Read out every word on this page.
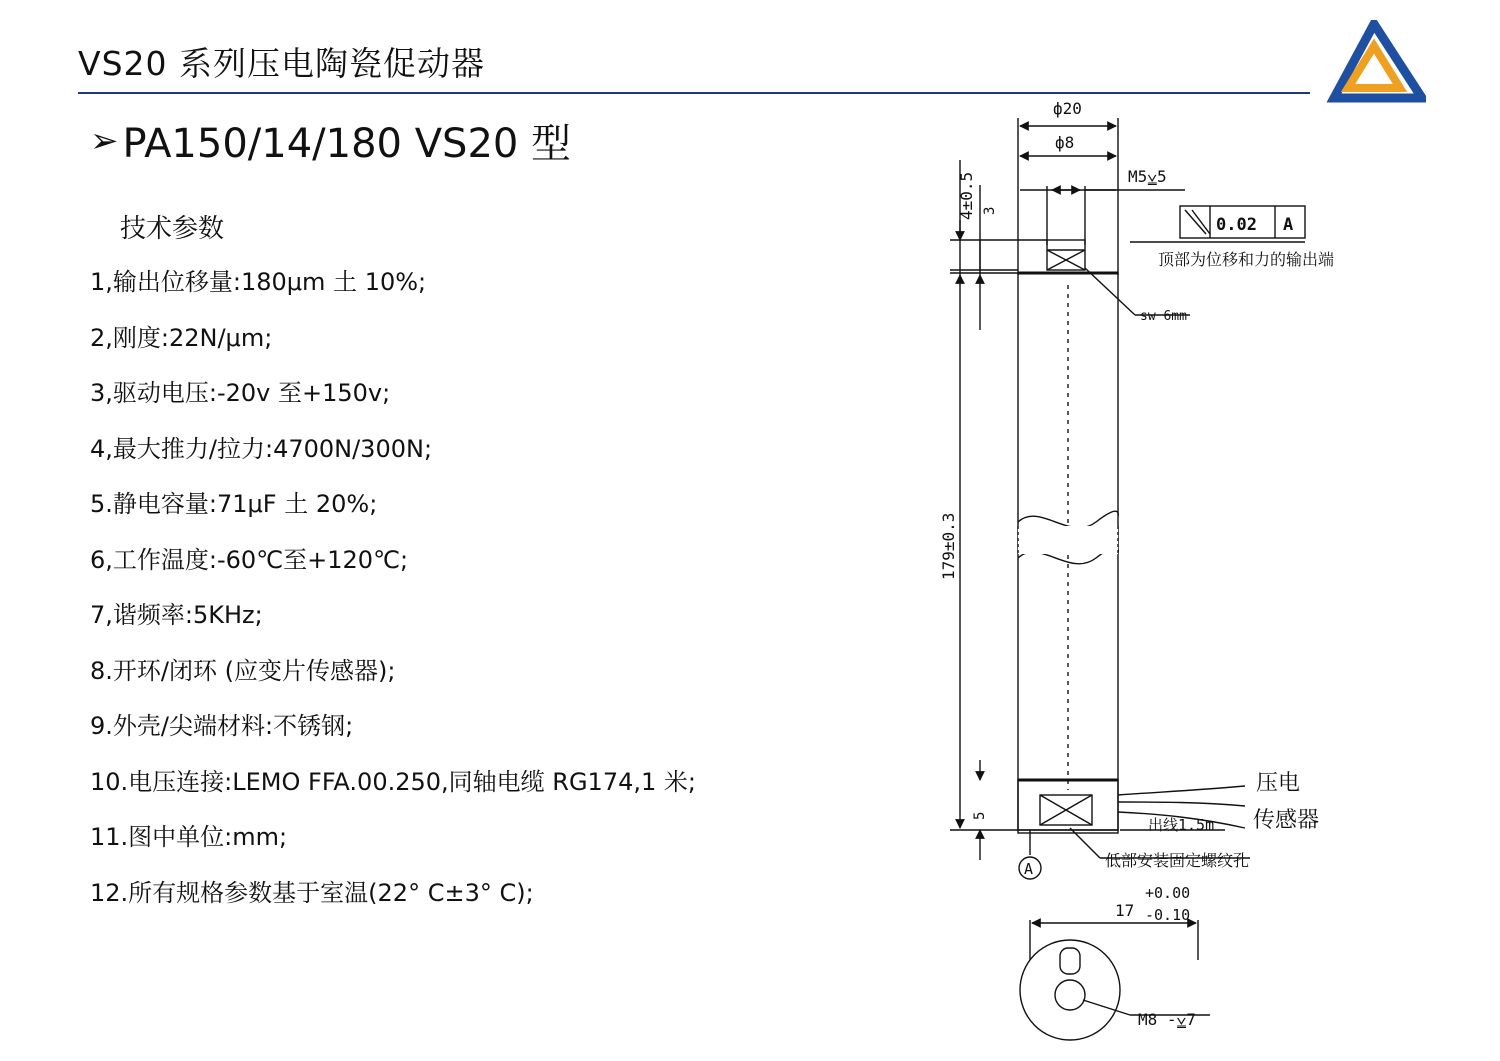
VS20 系列压电陶瓷促动器
➢ PA150/14/180 VS20 型
技术参数
1,输出位移量:180μm 土 10%;
2,刚度:22N/μm;
3,驱动电压:-20v 至+150v;
4,最大推力/拉力:4700N/300N;
5.静电容量:71μF 土 20%;
6,工作温度:-60℃至+120℃;
7,谐频率:5KHz;
8.开环/闭环 (应变片传感器);
9.外壳/尖端材料:不锈钢;
10.电压连接:LEMO FFA.00.250,同轴电缆 RG174,1 米;
11.图中单位:mm;
12.所有规格参数基于室温(22° C±3° C);
ф20
ф8
M5⩣5
0.02 A
顶部为位移和力的输出端
sw 6mm
4±0.5 3
179±0.3
5
压电
传感器
出线1.5m
低部安装固定螺纹孔
A
17
+0.00
-0.10
M8 -⩣7
